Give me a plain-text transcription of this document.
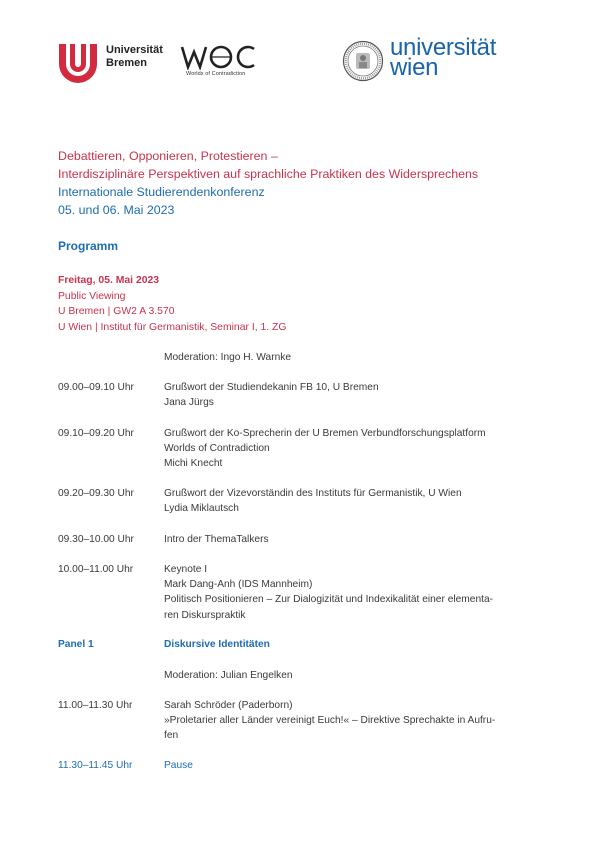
Universität
Bremen
Worlds of Contradiction
universität
wien
Debattieren, Opponieren, Protestieren –
Interdisziplinäre Perspektiven auf sprachliche Praktiken des Widersprechens
Internationale Studierendenkonferenz
05. und 06. Mai 2023
Programm
Freitag, 05. Mai 2023
Public Viewing
U Bremen | GW2 A 3.570
U Wien | Institut für Germanistik, Seminar I, 1. ZG
Moderation: Ingo H. Warnke
09.00–09.10 Uhr	Grußwort der Studiendekanin FB 10, U Bremen
Jana Jürgs
09.10–09.20 Uhr	Grußwort der Ko-Sprecherin der U Bremen Verbundforschungsplatform
Worlds of Contradiction
Michi Knecht
09.20–09.30 Uhr	Grußwort der Vizevorständin des Instituts für Germanistik, U Wien
Lydia Miklautsch
09.30–10.00 Uhr	Intro der ThemaTalkers
10.00–11.00 Uhr	Keynote I
Mark Dang-Anh (IDS Mannheim)
Politisch Positionieren – Zur Dialogizität und Indexikalität einer elementa-
ren Diskurspraktik
Panel 1	Diskursive Identitäten
Moderation: Julian Engelken
11.00–11.30 Uhr	Sarah Schröder (Paderborn)
»Proletarier aller Länder vereinigt Euch!« – Direktive Sprechakte in Aufru-
fen
11.30–11.45 Uhr	Pause
